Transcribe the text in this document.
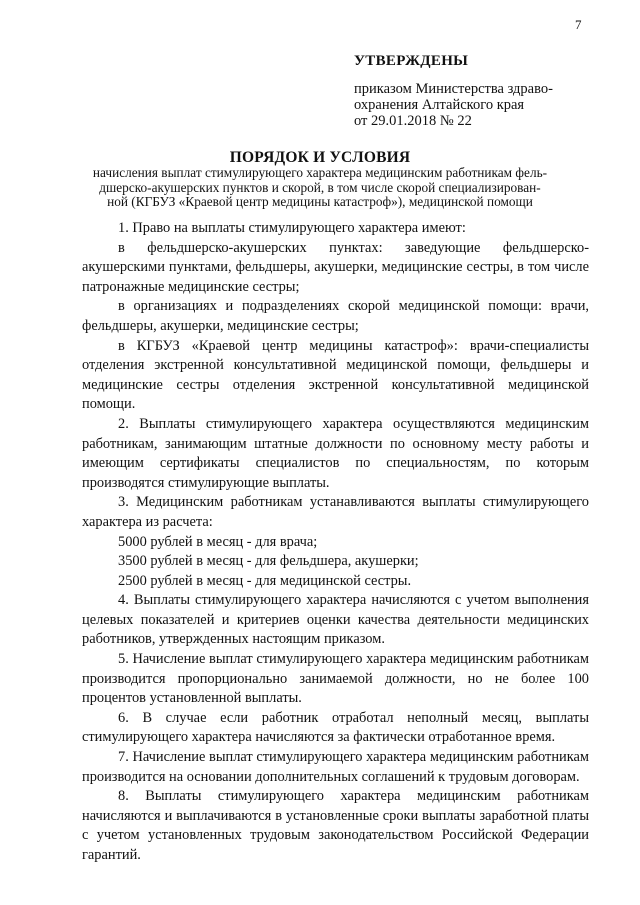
7
УТВЕРЖДЕНЫ
приказом Министерства здраво-
охранения Алтайского края
от 29.01.2018 № 22
ПОРЯДОК И УСЛОВИЯ
начисления выплат стимулирующего характера медицинским работникам фель-
дшерско-акушерских пунктов и скорой, в том числе скорой специализирован-
ной (КГБУЗ «Краевой центр медицины катастроф»), медицинской помощи

1. Право на выплаты стимулирующего характера имеют:

в фельдшерско-акушерских пунктах: заведующие фельдшерско-акушерскими пунктами, фельдшеры, акушерки, медицинские сестры, в том числе патронажные медицинские сестры;

в организациях и подразделениях скорой медицинской помощи: врачи, фельдшеры, акушерки, медицинские сестры;

в КГБУЗ «Краевой центр медицины катастроф»: врачи-специалисты отделения экстренной консультативной медицинской помощи, фельдшеры и медицинские сестры отделения экстренной консультативной медицинской помощи.

2. Выплаты стимулирующего характера осуществляются медицинским работникам, занимающим штатные должности по основному месту работы и имеющим сертификаты специалистов по специальностям, по которым производятся стимулирующие выплаты.

3. Медицинским работникам устанавливаются выплаты стимулирующего характера из расчета:

5000 рублей в месяц - для врача;

3500 рублей в месяц - для фельдшера, акушерки;

2500 рублей в месяц - для медицинской сестры.

4. Выплаты стимулирующего характера начисляются с учетом выполнения целевых показателей и критериев оценки качества деятельности медицинских работников, утвержденных настоящим приказом.

5. Начисление выплат стимулирующего характера медицинским работникам производится пропорционально занимаемой должности, но не более 100 процентов установленной выплаты.

6. В случае если работник отработал неполный месяц, выплаты стимулирующего характера начисляются за фактически отработанное время.

7. Начисление выплат стимулирующего характера медицинским работникам производится на основании дополнительных соглашений к трудовым договорам.

8. Выплаты стимулирующего характера медицинским работникам начисляются и выплачиваются в установленные сроки выплаты заработной платы с учетом установленных трудовым законодательством Российской Федерации гарантий.
